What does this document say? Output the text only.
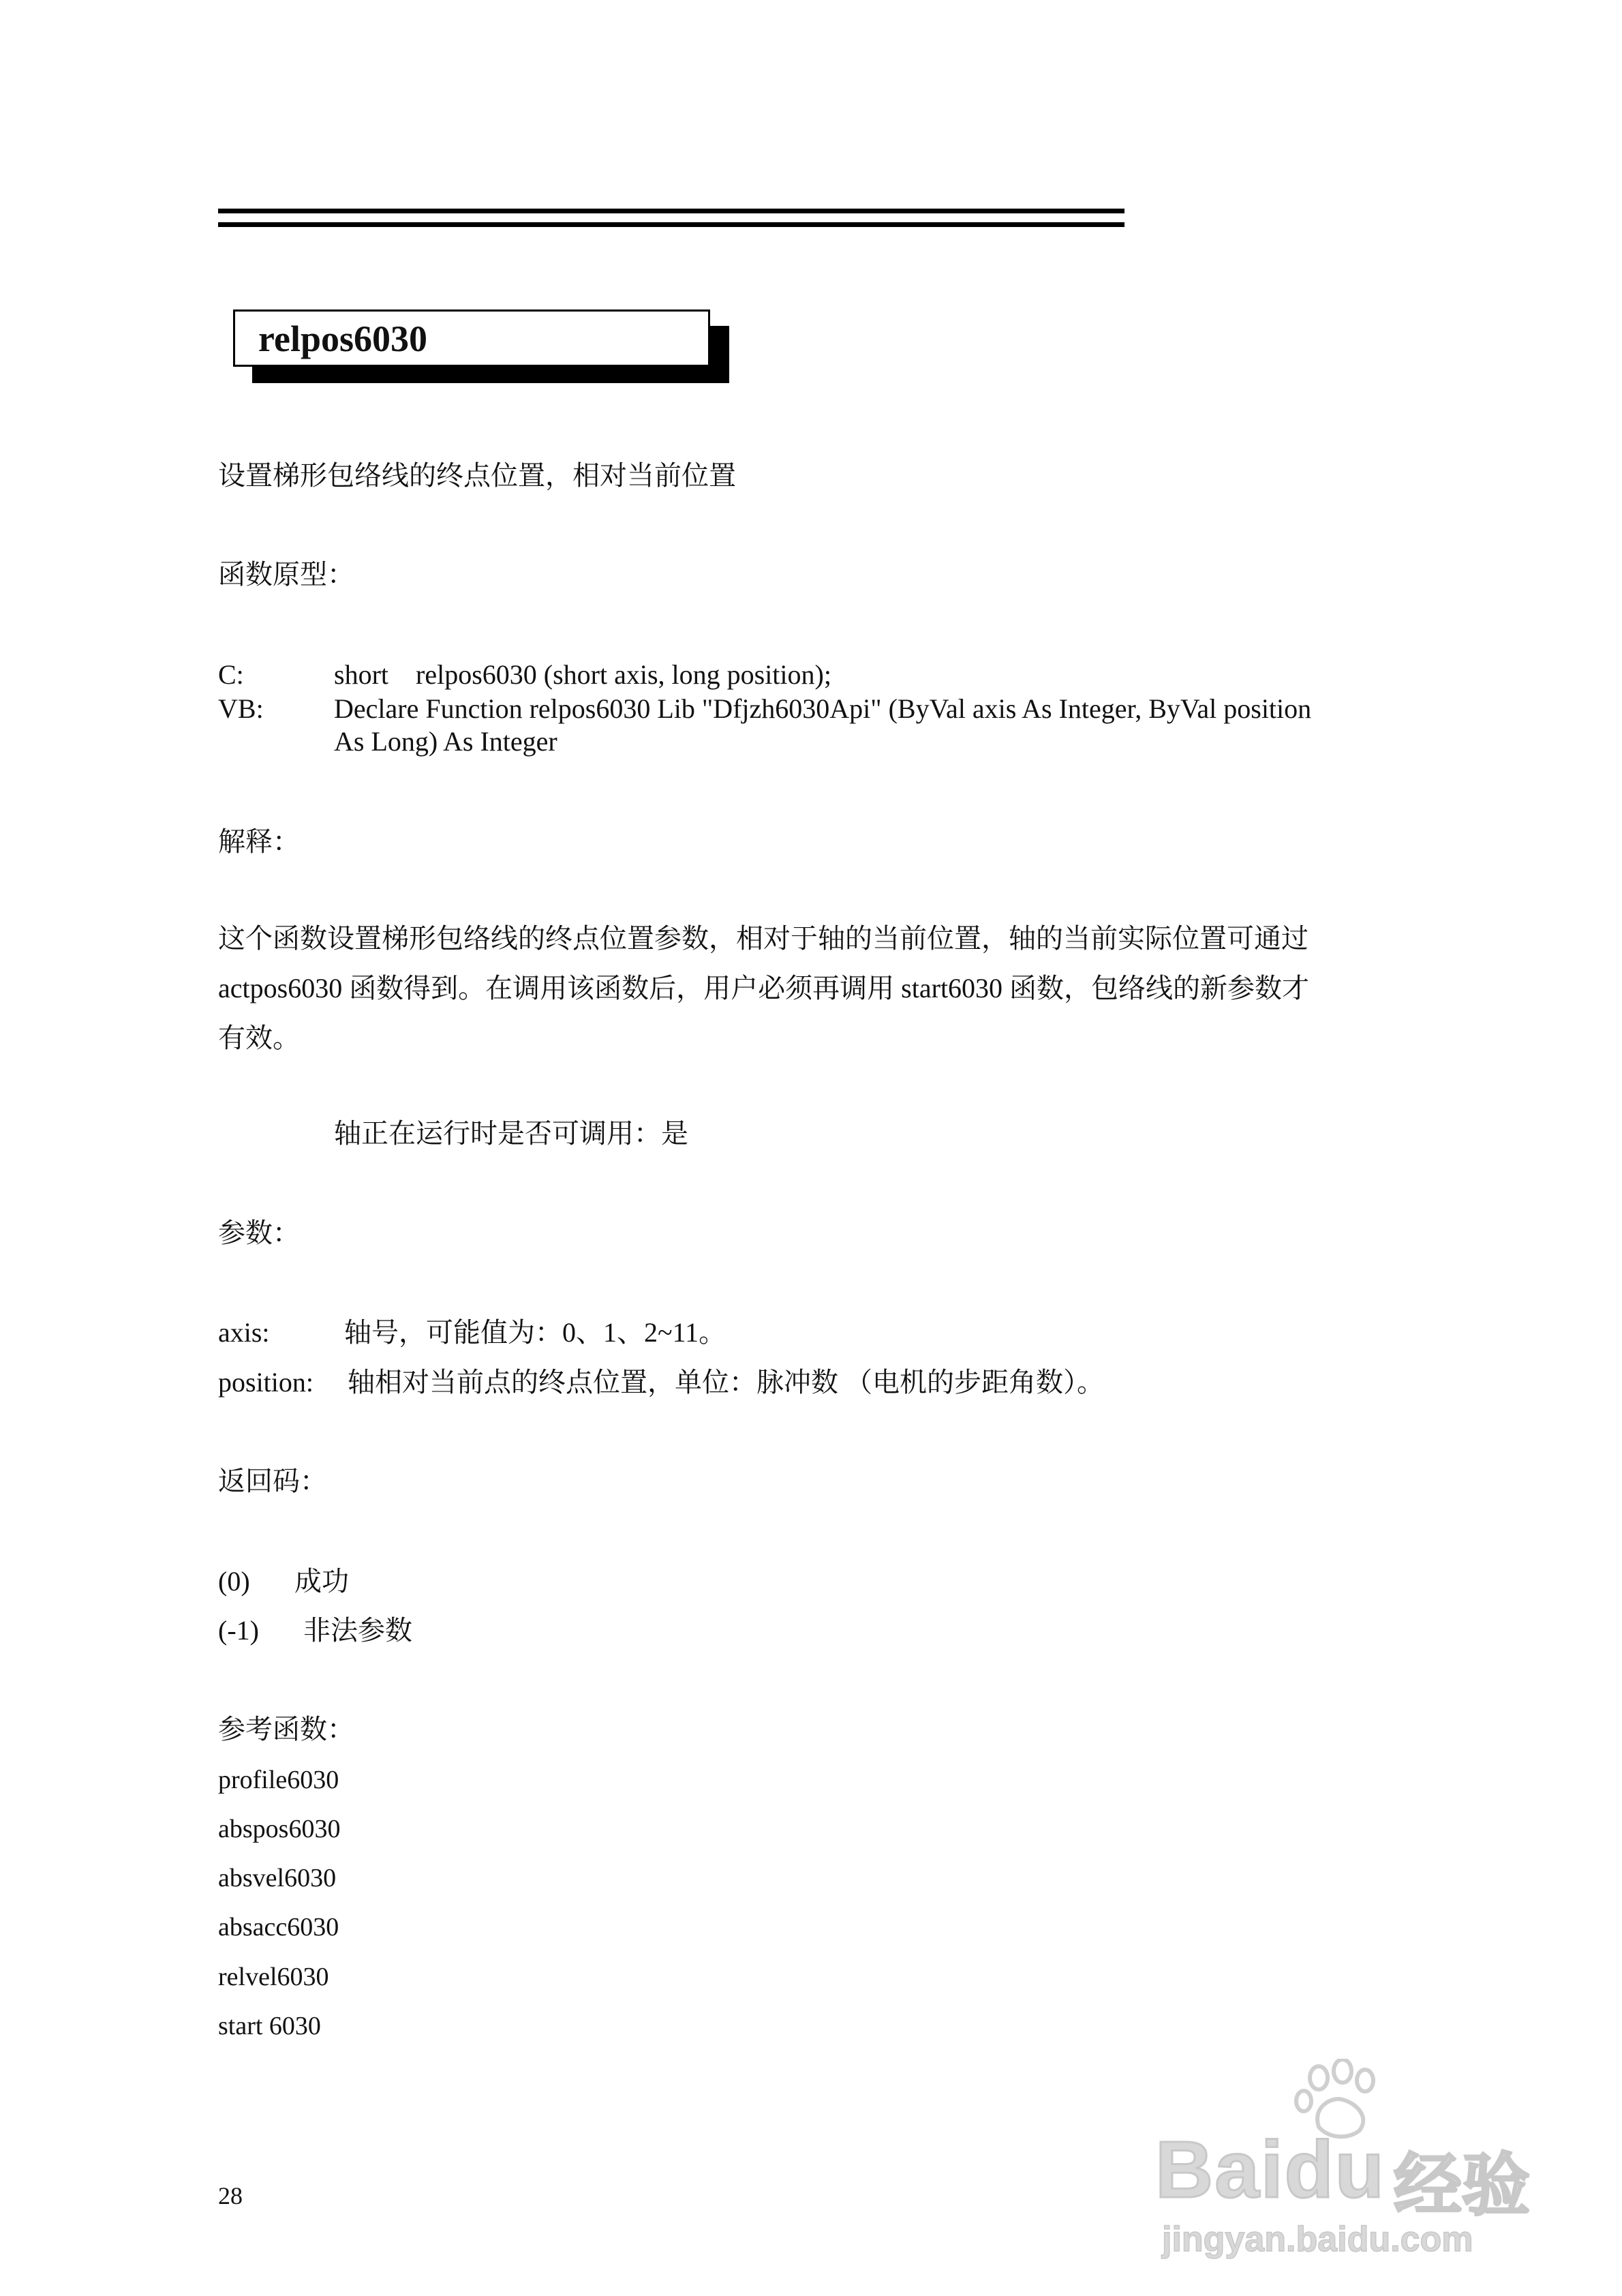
relpos6030
设置梯形包络线的终点位置，相对当前位置
函数原型：
C:	short    relpos6030 (short axis, long position);
VB:	Declare Function relpos6030 Lib "Dfjzh6030Api" (ByVal axis As Integer, ByVal position
As Long) As Integer
解释：
这个函数设置梯形包络线的终点位置参数，相对于轴的当前位置，轴的当前实际位置可通过
actpos6030 函数得到。在调用该函数后，用户必须再调用 start6030 函数，包络线的新参数才
有效。
轴正在运行时是否可调用：是
参数：
axis:	轴号，可能值为：0、1、2~11。
position: 轴相对当前点的终点位置，单位：脉冲数 （电机的步距角数）。
返回码：
(0) 成功
(-1) 非法参数
参考函数：
profile6030
abspos6030
absvel6030
absacc6030
relvel6030
start 6030
28	Baidu 经验
jingyan.baidu.com
